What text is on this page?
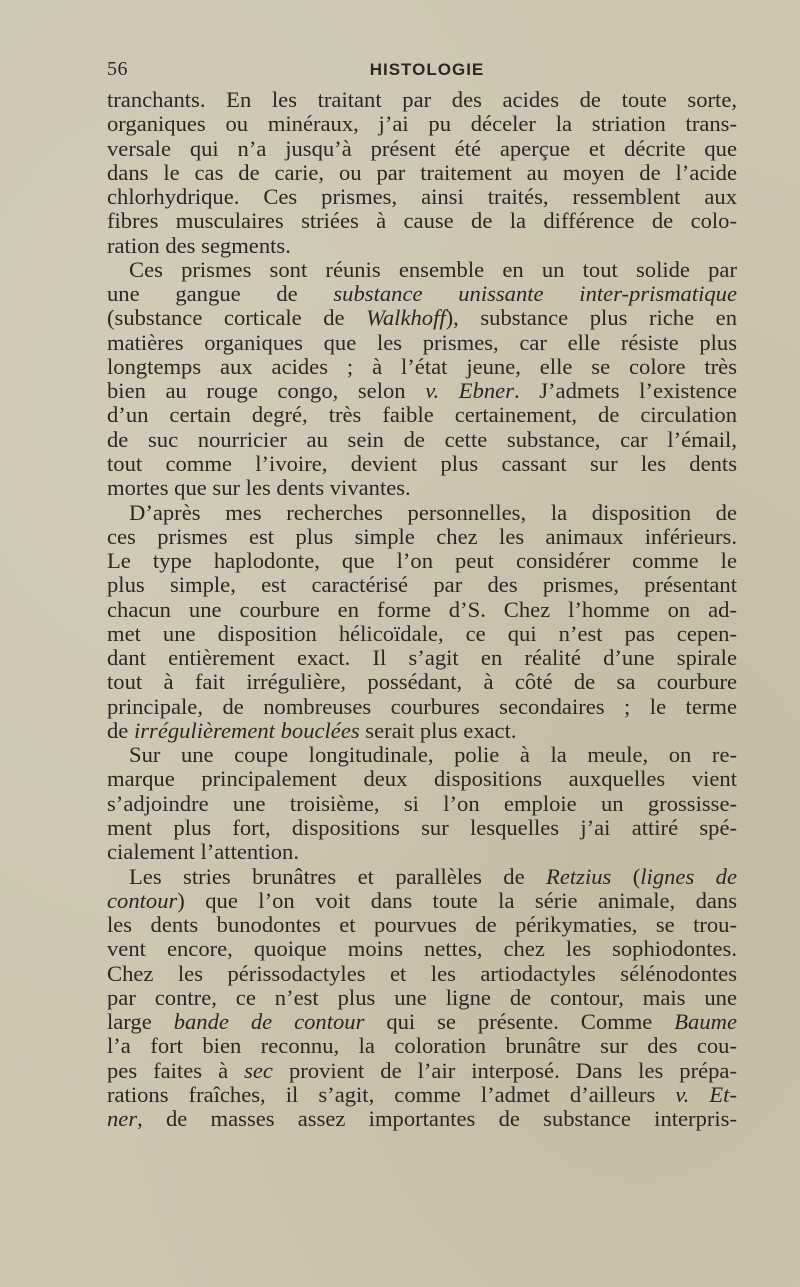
56	HISTOLOGIE
tranchants. En les traitant par des acides de toute sorte,
organiques ou minéraux, j’ai pu déceler la striation trans-
versale qui n’a jusqu’à présent été aperçue et décrite que
dans le cas de carie, ou par traitement au moyen de l’acide
chlorhydrique. Ces prismes, ainsi traités, ressemblent aux
fibres musculaires striées à cause de la différence de colo-
ration des segments.
Ces prismes sont réunis ensemble en un tout solide par
une gangue de substance unissante inter-prismatique
(substance corticale de Walkhoff), substance plus riche en
matières organiques que les prismes, car elle résiste plus
longtemps aux acides ; à l’état jeune, elle se colore très
bien au rouge congo, selon v. Ebner. J’admets l’existence
d’un certain degré, très faible certainement, de circulation
de suc nourricier au sein de cette substance, car l’émail,
tout comme l’ivoire, devient plus cassant sur les dents
mortes que sur les dents vivantes.
D’après mes recherches personnelles, la disposition de
ces prismes est plus simple chez les animaux inférieurs.
Le type haplodonte, que l’on peut considérer comme le
plus simple, est caractérisé par des prismes, présentant
chacun une courbure en forme d’S. Chez l’homme on ad-
met une disposition hélicoïdale, ce qui n’est pas cepen-
dant entièrement exact. Il s’agit en réalité d’une spirale
tout à fait irrégulière, possédant, à côté de sa courbure
principale, de nombreuses courbures secondaires ; le terme
de irrégulièrement bouclées serait plus exact.
Sur une coupe longitudinale, polie à la meule, on re-
marque principalement deux dispositions auxquelles vient
s’adjoindre une troisième, si l’on emploie un grossisse-
ment plus fort, dispositions sur lesquelles j’ai attiré spé-
cialement l’attention.
Les stries brunâtres et parallèles de Retzius (lignes de
contour) que l’on voit dans toute la série animale, dans
les dents bunodontes et pourvues de périkymaties, se trou-
vent encore, quoique moins nettes, chez les sophiodontes.
Chez les périssodactyles et les artiodactyles sélénodontes
par contre, ce n’est plus une ligne de contour, mais une
large bande de contour qui se présente. Comme Baume
l’a fort bien reconnu, la coloration brunâtre sur des cou-
pes faites à sec provient de l’air interposé. Dans les prépa-
rations fraîches, il s’agit, comme l’admet d’ailleurs v. Et-
ner, de masses assez importantes de substance interpris-
